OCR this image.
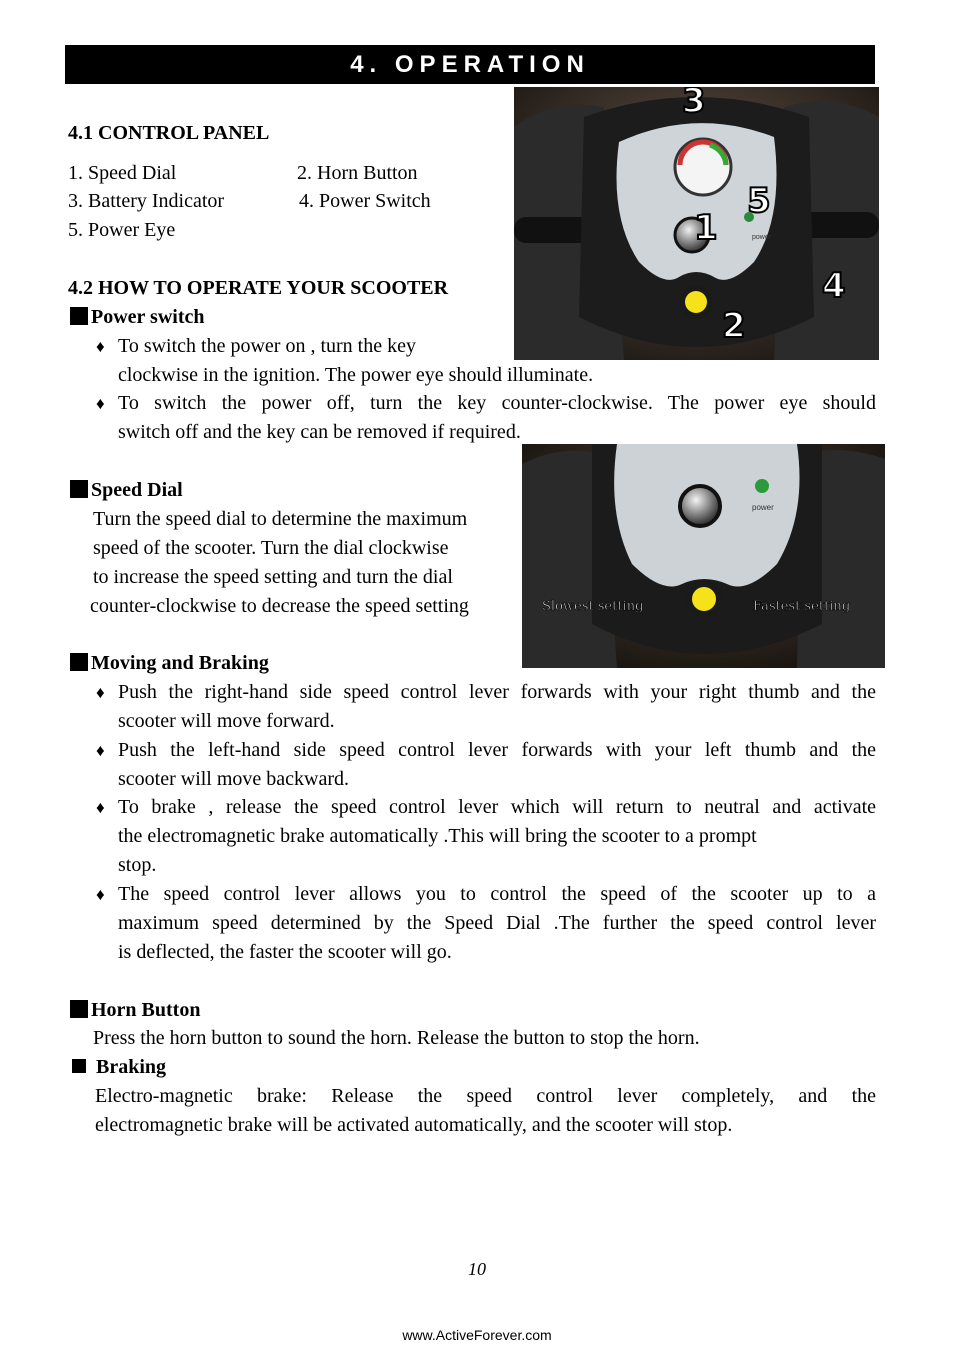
4. OPERATION
4.1 CONTROL PANEL
1. Speed Dial	2. Horn Button
3. Battery Indicator	4. Power Switch
5. Power Eye	power
3
5
1
4
2
4.2 HOW TO OPERATE YOUR SCOOTER
Power switch
♦ To switch the power on , turn the key
clockwise in the ignition. The power eye should illuminate.
♦ To switch the power off, turn the key counter-clockwise. The power eye should
switch off and the key can be removed if required.
power
Slowest setting	Fastest setting
Speed Dial
Turn the speed dial to determine the maximum
speed of the scooter. Turn the dial clockwise
to increase the speed setting and turn the dial
counter-clockwise to decrease the speed setting
Moving and Braking
♦ Push the right-hand side speed control lever forwards with your right thumb and the
scooter will move forward.
♦ Push the left-hand side speed control lever forwards with your left thumb and the
scooter will move backward.
♦ To brake , release the speed control lever which will return to neutral and activate
the electromagnetic brake automatically .This will bring the scooter to a prompt
stop.
♦ The speed control lever allows you to control the speed of the scooter up to a
maximum speed determined by the Speed Dial .The further the speed control lever
is deflected, the faster the scooter will go.
Horn Button
Press the horn button to sound the horn. Release the button to stop the horn.
Braking
Electro-magnetic brake: Release the speed control lever completely, and the
electromagnetic brake will be activated automatically, and the scooter will stop.
10
www.ActiveForever.com
